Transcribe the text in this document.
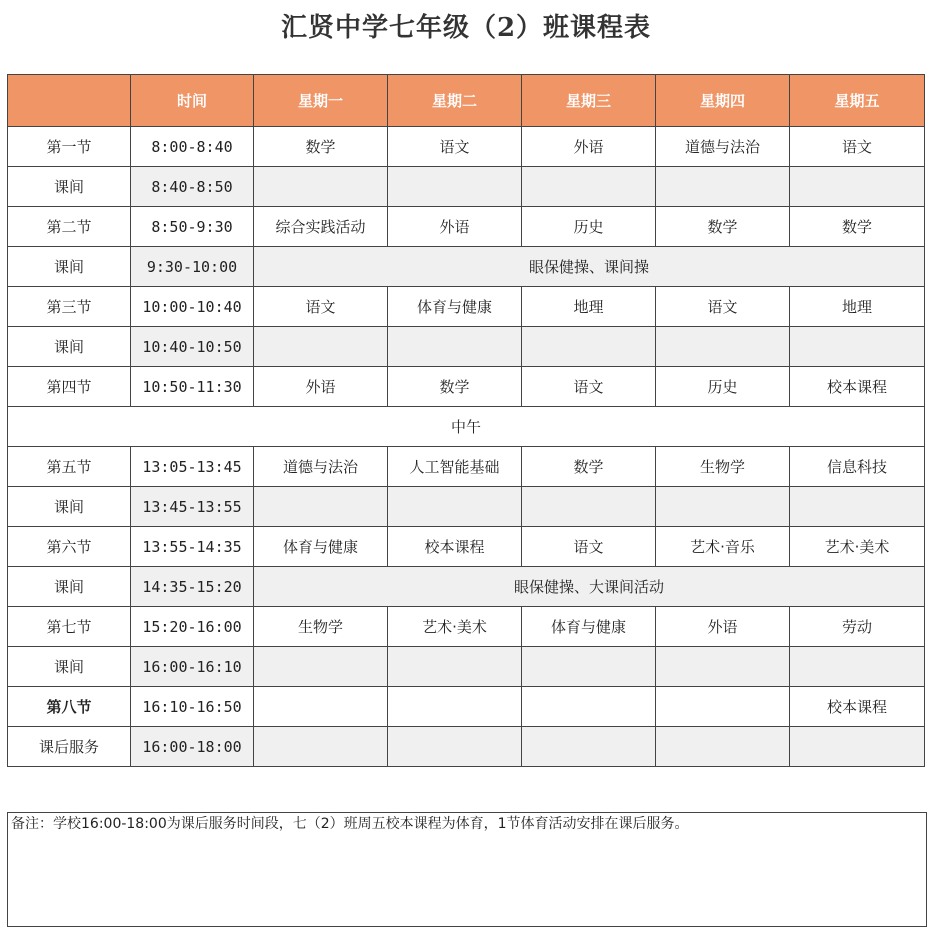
汇贤中学七年级（2）班课程表
	时间	星期一	星期二	星期三	星期四	星期五
第一节	8:00-8:40	数学	语文	外语	道德与法治	语文
课间	8:40-8:50					
第二节	8:50-9:30	综合实践活动	外语	历史	数学	数学
课间	9:30-10:00	眼保健操、课间操				
第三节	10:00-10:40	语文	体育与健康	地理	语文	地理
课间	10:40-10:50					
第四节	10:50-11:30	外语	数学	语文	历史	校本课程
中午						
第五节	13:05-13:45	道德与法治	人工智能基础	数学	生物学	信息科技
课间	13:45-13:55					
第六节	13:55-14:35	体育与健康	校本课程	语文	艺术·音乐	艺术·美术
课间	14:35-15:20	眼保健操、大课间活动				
第七节	15:20-16:00	生物学	艺术·美术	体育与健康	外语	劳动
课间	16:00-16:10					
第八节	16:10-16:50					校本课程
课后服务	16:00-18:00					
备注：学校16:00-18:00为课后服务时间段，七（2）班周五校本课程为体育，1节体育活动安排在课后服务。
